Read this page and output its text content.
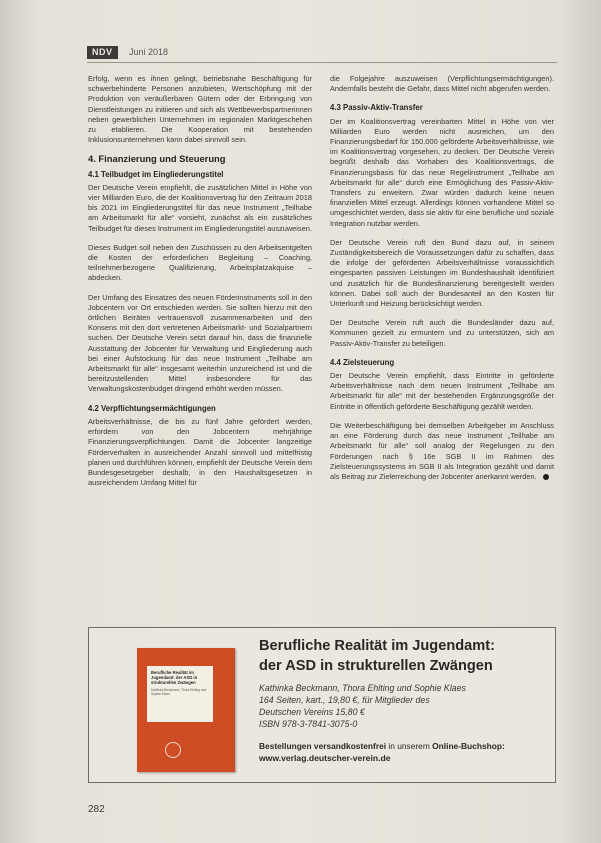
NDV	Juni 2018

Erfolg, wenn es ihnen gelingt, betriebsnahe Beschäftigung für schwerbehinderte Personen anzubieten, Wertschöpfung mit der Produktion von veräußerbaren Gütern oder der Erbringung von Dienstleistungen zu initiieren und sich als Wettbewerbspartnerinnen neben gewerblichen Unternehmen im regionalen Marktgeschehen zu etablieren. Die Kooperation mit bestehenden Inklusionsunternehmen kann dabei sinnvoll sein.

4. Finanzierung und Steuerung
4.1 Teilbudget im Eingliederungstitel

Der Deutsche Verein empfiehlt, die zusätzlichen Mittel in Höhe von vier Milliarden Euro, die der Koalitionsvertrag für den Zeitraum 2018 bis 2021 im Eingliederungstitel für das neue Instrument „Teilhabe am Arbeitsmarkt für alle“ vorsieht, zunächst als ein zusätzliches Teilbudget für dieses Instrument im Eingliederungstitel auszuweisen.

Dieses Budget soll neben den Zuschüssen zu den Arbeitsentgelten die Kosten der erforderlichen Begleitung – Coaching, teilnehmerbezogene Qualifizierung, Arbeitsplatzakquise – abdecken.

Der Umfang des Einsatzes des neuen Förderinstruments soll in den Jobcentern vor Ort entschieden werden. Sie sollten hierzu mit den örtlichen Beiräten vertrauensvoll zusammenarbeiten und den Konsens mit den dort vertretenen Arbeitsmarkt- und Sozialpartnern suchen. Der Deutsche Verein setzt darauf hin, dass die finanzielle Ausstattung der Jobcenter für Verwaltung und Eingliederung auch bei einer Aufstockung für das neue Instrument „Teilhabe am Arbeitsmarkt für alle“ insgesamt weiterhin unzureichend ist und die bereitzustellenden Mittel insbesondere für das Verwaltungskostenbudget dringend erhöht werden müssen.

4.2 Verpflichtungsermächtigungen

Arbeitsverhältnisse, die bis zu fünf Jahre gefördert werden, erfordern von den Jobcentern mehrjährige Finanzierungsverpflichtungen. Damit die Jobcenter langzeitige Förderverhalten in ausreichender Anzahl sinnvoll und mittelfristig planen und durchführen können, empfiehlt der Deutsche Verein dem Bundesgesetzgeber deshalb, in den Haushaltsgesetzen in ausreichendem Umfang Mittel für

die Folgejahre auszuweisen (Verpflichtungsermächtigungen). Andernfalls besteht die Gefahr, dass Mittel nicht abgerufen werden.

4.3 Passiv-Aktiv-Transfer

Der im Koalitionsvertrag vereinbarten Mittel in Höhe von vier Milliarden Euro werden nicht ausreichen, um den Finanzierungsbedarf für 150.000 geförderte Arbeitsverhältnisse, wie im Koalitionsvertrag vorgesehen, zu decken. Der Deutsche Verein begrüßt deshalb das Vorhaben des Koalitionsvertrags, die Finanzierungsbasis für das neue Regelinstrument „Teilhabe am Arbeitsmarkt für alle“ durch eine Ermöglichung des Passiv-Aktiv-Transfers zu erweitern. Zwar würden dadurch keine neuen finanziellen Mittel erzeugt. Allerdings können vorhandene Mittel so umgeschichtet werden, dass sie aktiv für eine berufliche und soziale Integration nutzbar werden.

Der Deutsche Verein ruft den Bund dazu auf, in seinem Zuständigkeitsbereich die Voraussetzungen dafür zu schaffen, dass die infolge der geförderten Arbeitsverhältnisse voraussichtlich eingesparten passiven Leistungen im Bundeshaushalt identifiziert und zusätzlich für die Bundesfinanzierung bereitgestellt werden können. Dabei soll auch der Bundesanteil an den Kosten für Unterkunft und Heizung berücksichtigt werden.

Der Deutsche Verein ruft auch die Bundesländer dazu auf, Kommunen gezielt zu ermuntern und zu unterstützen, sich am Passiv-Aktiv-Transfer zu beteiligen.

4.4 Zielsteuerung

Der Deutsche Verein empfiehlt, dass Eintritte in geförderte Arbeitsverhältnisse nach dem neuen Instrument „Teilhabe am Arbeitsmarkt für alle“ mit der bestehenden Ergänzungsgröße der Eintritte in öffentlich geförderte Beschäftigung gezählt werden.

Die Weiterbeschäftigung bei demselben Arbeitgeber im Anschluss an eine Förderung durch das neue Instrument „Teilhabe am Arbeitsmarkt für alle“ soll analog der Regelungen zu den Förderungen nach § 16e SGB II im Rahmen des Zielsteuerungssystems im SGB II als Integration gezählt und damit als Beitrag zur Zielerreichung der Jobcenter anerkannt werden.

Berufliche Realität im Jugendamt: der ASD in strukturellen Zwängen
Kathinka Beckmann, Thora Ehlting und Sophie Klaes
Berufliche Realität im Jugendamt:
der ASD in strukturellen Zwängen
Kathinka Beckmann, Thora Ehlting und Sophie Klaes
164 Seiten, kart., 19,80 €, für Mitglieder des
Deutschen Vereins 15,80 €
ISBN 978-3-7841-3075-0
Bestellungen versandkostenfrei in unserem Online-Buchshop:
www.verlag.deutscher-verein.de
282
